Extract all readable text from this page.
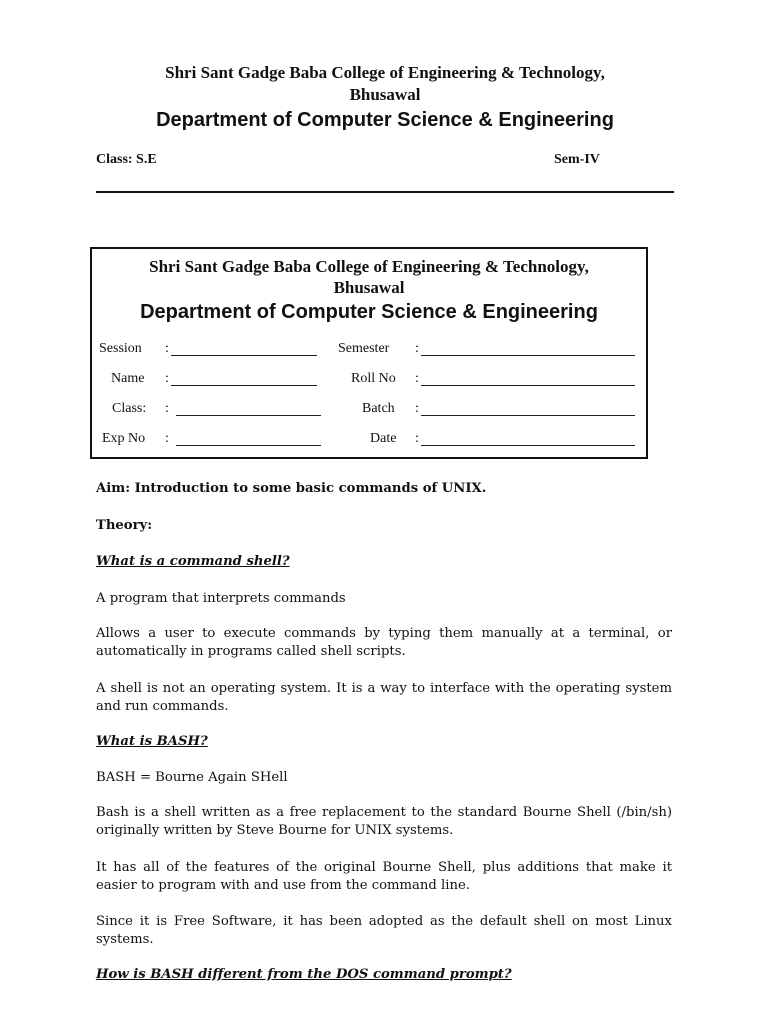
Shri Sant Gadge Baba College of Engineering & Technology,
Bhusawal
Department of Computer Science & Engineering
Class: S.E	Sem-IV
Shri Sant Gadge Baba College of Engineering & Technology,
Bhusawal
Department of Computer Science & Engineering
Session :	Semester :
Name :	Roll No :
Class: :	Batch :
Exp No :	Date :
Aim: Introduction to some basic commands of UNIX.
Theory:
What is a command shell?
A program that interprets commands
Allows a user to execute commands by typing them manually at a terminal, or automatically in programs called shell scripts.
A shell is not an operating system. It is a way to interface with the operating system and run commands.
What is BASH?
BASH = Bourne Again SHell
Bash is a shell written as a free replacement to the standard Bourne Shell (/bin/sh) originally written by Steve Bourne for UNIX systems.
It has all of the features of the original Bourne Shell, plus additions that make it easier to program with and use from the command line.
Since it is Free Software, it has been adopted as the default shell on most Linux systems.
How is BASH different from the DOS command prompt?
